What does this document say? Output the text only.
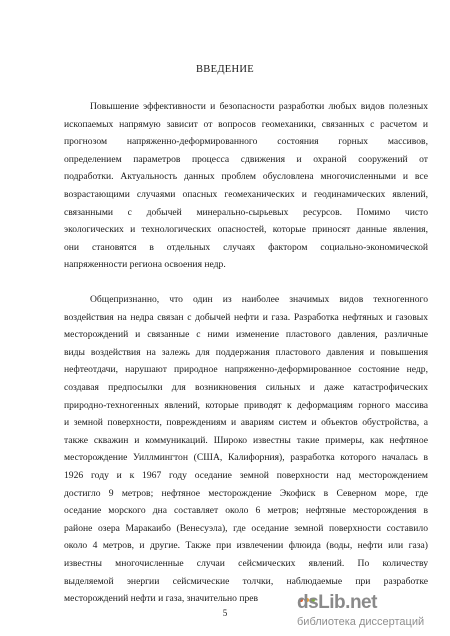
ВВЕДЕНИЕ
Повышение эффективности и безопасности разработки любых видов полезных
ископаемых напрямую зависит от вопросов геомеханики, связанных с расчетом и
прогнозом напряженно-деформированного состояния горных массивов,
определением параметров процесса сдвижения и охраной сооружений от
подработки. Актуальность данных проблем обусловлена многочисленными и все
возрастающими случаями опасных геомеханических и геодинамических явлений,
связанными с добычей минерально-сырьевых ресурсов. Помимо чисто
экологических и технологических опасностей, которые приносят данные явления,
они становятся в отдельных случаях фактором социально-экономической
напряженности региона освоения недр.
Общепризнанно, что один из наиболее значимых видов техногенного
воздействия на недра связан с добычей нефти и газа. Разработка нефтяных и газовых
месторождений и связанные с ними изменение пластового давления, различные
виды воздействия на залежь для поддержания пластового давления и повышения
нефтеотдачи, нарушают природное напряженно-деформированное состояние недр,
создавая предпосылки для возникновения сильных и даже катастрофических
природно-техногенных явлений, которые приводят к деформациям горного массива
и земной поверхности, повреждениям и авариям систем и объектов обустройства, а
также скважин и коммуникаций. Широко известны такие примеры, как нефтяное
месторождение Уиллмингтон (США, Калифорния), разработка которого началась в
1926 году и к 1967 году оседание земной поверхности над месторождением
достигло 9 метров; нефтяное месторождение Экофиск в Северном море, где
оседание морского дна составляет около 6 метров; нефтяные месторождения в
районе озера Маракаибо (Венесуэла), где оседание земной поверхности составило
около 4 метров, и другие. Также при извлечении флюида (воды, нефти или газа)
известны многочисленные случаи сейсмических явлений. По количеству
выделяемой энергии сейсмические толчки, наблюдаемые при разработке
месторождений нефти и газа, значительно прев
5	dsLib.net
библиотека диссертаций
